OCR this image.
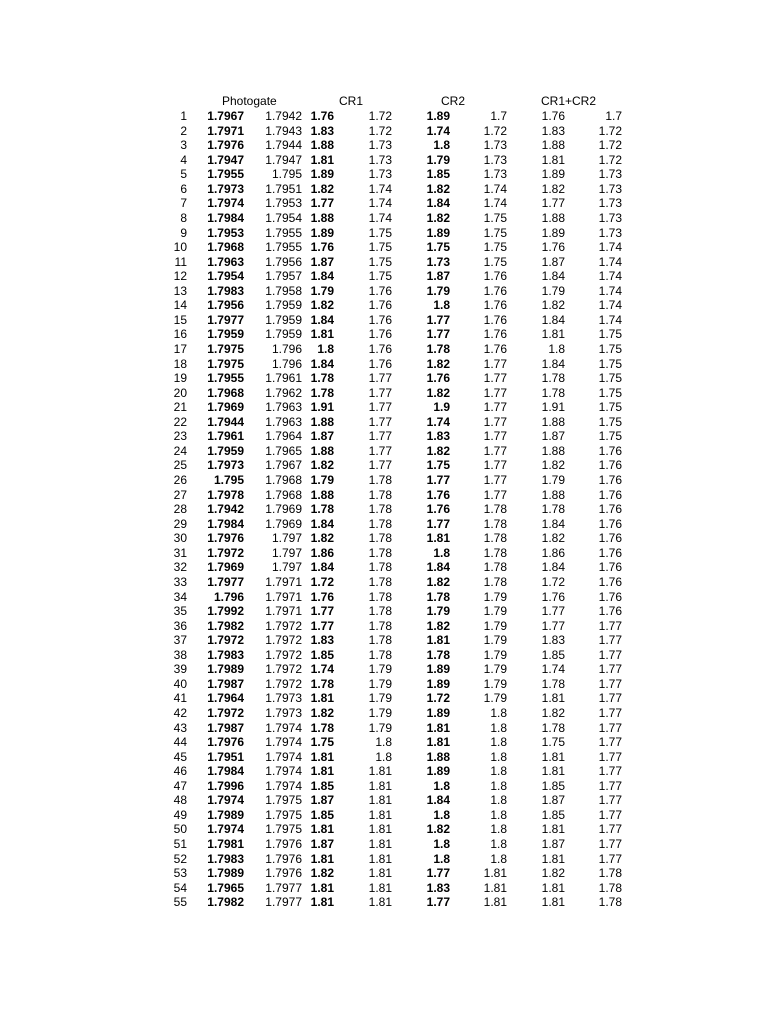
Photogate	CR1	CR2	CR1+CR2
1 1.7967 1.7942 1.76	1.72	1.89	1.7	1.76	1.7
2 1.7971 1.7943 1.83	1.72	1.74	1.72	1.83	1.72
3 1.7976 1.7944 1.88	1.73	1.8	1.73	1.88	1.72
4 1.7947 1.7947 1.81	1.73	1.79	1.73	1.81	1.72
5 1.7955 1.795 1.89	1.73	1.85	1.73	1.89	1.73
6 1.7973 1.7951 1.82	1.74	1.82	1.74	1.82	1.73
7 1.7974 1.7953 1.77	1.74	1.84	1.74	1.77	1.73
8 1.7984 1.7954 1.88	1.74	1.82	1.75	1.88	1.73
9 1.7953 1.7955 1.89	1.75	1.89	1.75	1.89	1.73
10 1.7968 1.7955 1.76	1.75	1.75	1.75	1.76	1.74
11 1.7963 1.7956 1.87	1.75	1.73	1.75	1.87	1.74
12 1.7954 1.7957 1.84	1.75	1.87	1.76	1.84	1.74
13 1.7983 1.7958 1.79	1.76	1.79	1.76	1.79	1.74
14 1.7956 1.7959 1.82	1.76	1.8	1.76	1.82	1.74
15 1.7977 1.7959 1.84	1.76	1.77	1.76	1.84	1.74
16 1.7959 1.7959 1.81	1.76	1.77	1.76	1.81	1.75
17 1.7975 1.796 1.8	1.76	1.78	1.76	1.8	1.75
18 1.7975 1.796 1.84	1.76	1.82	1.77	1.84	1.75
19 1.7955 1.7961 1.78	1.77	1.76	1.77	1.78	1.75
20 1.7968 1.7962 1.78	1.77	1.82	1.77	1.78	1.75
21 1.7969 1.7963 1.91	1.77	1.9	1.77	1.91	1.75
22 1.7944 1.7963 1.88	1.77	1.74	1.77	1.88	1.75
23 1.7961 1.7964 1.87	1.77	1.83	1.77	1.87	1.75
24 1.7959 1.7965 1.88	1.77	1.82	1.77	1.88	1.76
25 1.7973 1.7967 1.82	1.77	1.75	1.77	1.82	1.76
26 1.795 1.7968 1.79	1.78	1.77	1.77	1.79	1.76
27 1.7978 1.7968 1.88	1.78	1.76	1.77	1.88	1.76
28 1.7942 1.7969 1.78	1.78	1.76	1.78	1.78	1.76
29 1.7984 1.7969 1.84	1.78	1.77	1.78	1.84	1.76
30 1.7976 1.797 1.82	1.78	1.81	1.78	1.82	1.76
31 1.7972 1.797 1.86	1.78	1.8	1.78	1.86	1.76
32 1.7969 1.797 1.84	1.78	1.84	1.78	1.84	1.76
33 1.7977 1.7971 1.72	1.78	1.82	1.78	1.72	1.76
34 1.796 1.7971 1.76	1.78	1.78	1.79	1.76	1.76
35 1.7992 1.7971 1.77	1.78	1.79	1.79	1.77	1.76
36 1.7982 1.7972 1.77	1.78	1.82	1.79	1.77	1.77
37 1.7972 1.7972 1.83	1.78	1.81	1.79	1.83	1.77
38 1.7983 1.7972 1.85	1.78	1.78	1.79	1.85	1.77
39 1.7989 1.7972 1.74	1.79	1.89	1.79	1.74	1.77
40 1.7987 1.7972 1.78	1.79	1.89	1.79	1.78	1.77
41 1.7964 1.7973 1.81	1.79	1.72	1.79	1.81	1.77
42 1.7972 1.7973 1.82	1.79	1.89	1.8	1.82	1.77
43 1.7987 1.7974 1.78	1.79	1.81	1.8	1.78	1.77
44 1.7976 1.7974 1.75	1.8	1.81	1.8	1.75	1.77
45 1.7951 1.7974 1.81	1.8	1.88	1.8	1.81	1.77
46 1.7984 1.7974 1.81	1.81	1.89	1.8	1.81	1.77
47 1.7996 1.7974 1.85	1.81	1.8	1.8	1.85	1.77
48 1.7974 1.7975 1.87	1.81	1.84	1.8	1.87	1.77
49 1.7989 1.7975 1.85	1.81	1.8	1.8	1.85	1.77
50 1.7974 1.7975 1.81	1.81	1.82	1.8	1.81	1.77
51 1.7981 1.7976 1.87	1.81	1.8	1.8	1.87	1.77
52 1.7983 1.7976 1.81	1.81	1.8	1.8	1.81	1.77
53 1.7989 1.7976 1.82	1.81	1.77	1.81	1.82	1.78
54 1.7965 1.7977 1.81	1.81	1.83	1.81	1.81	1.78
55 1.7982 1.7977 1.81	1.81	1.77	1.81	1.81	1.78
